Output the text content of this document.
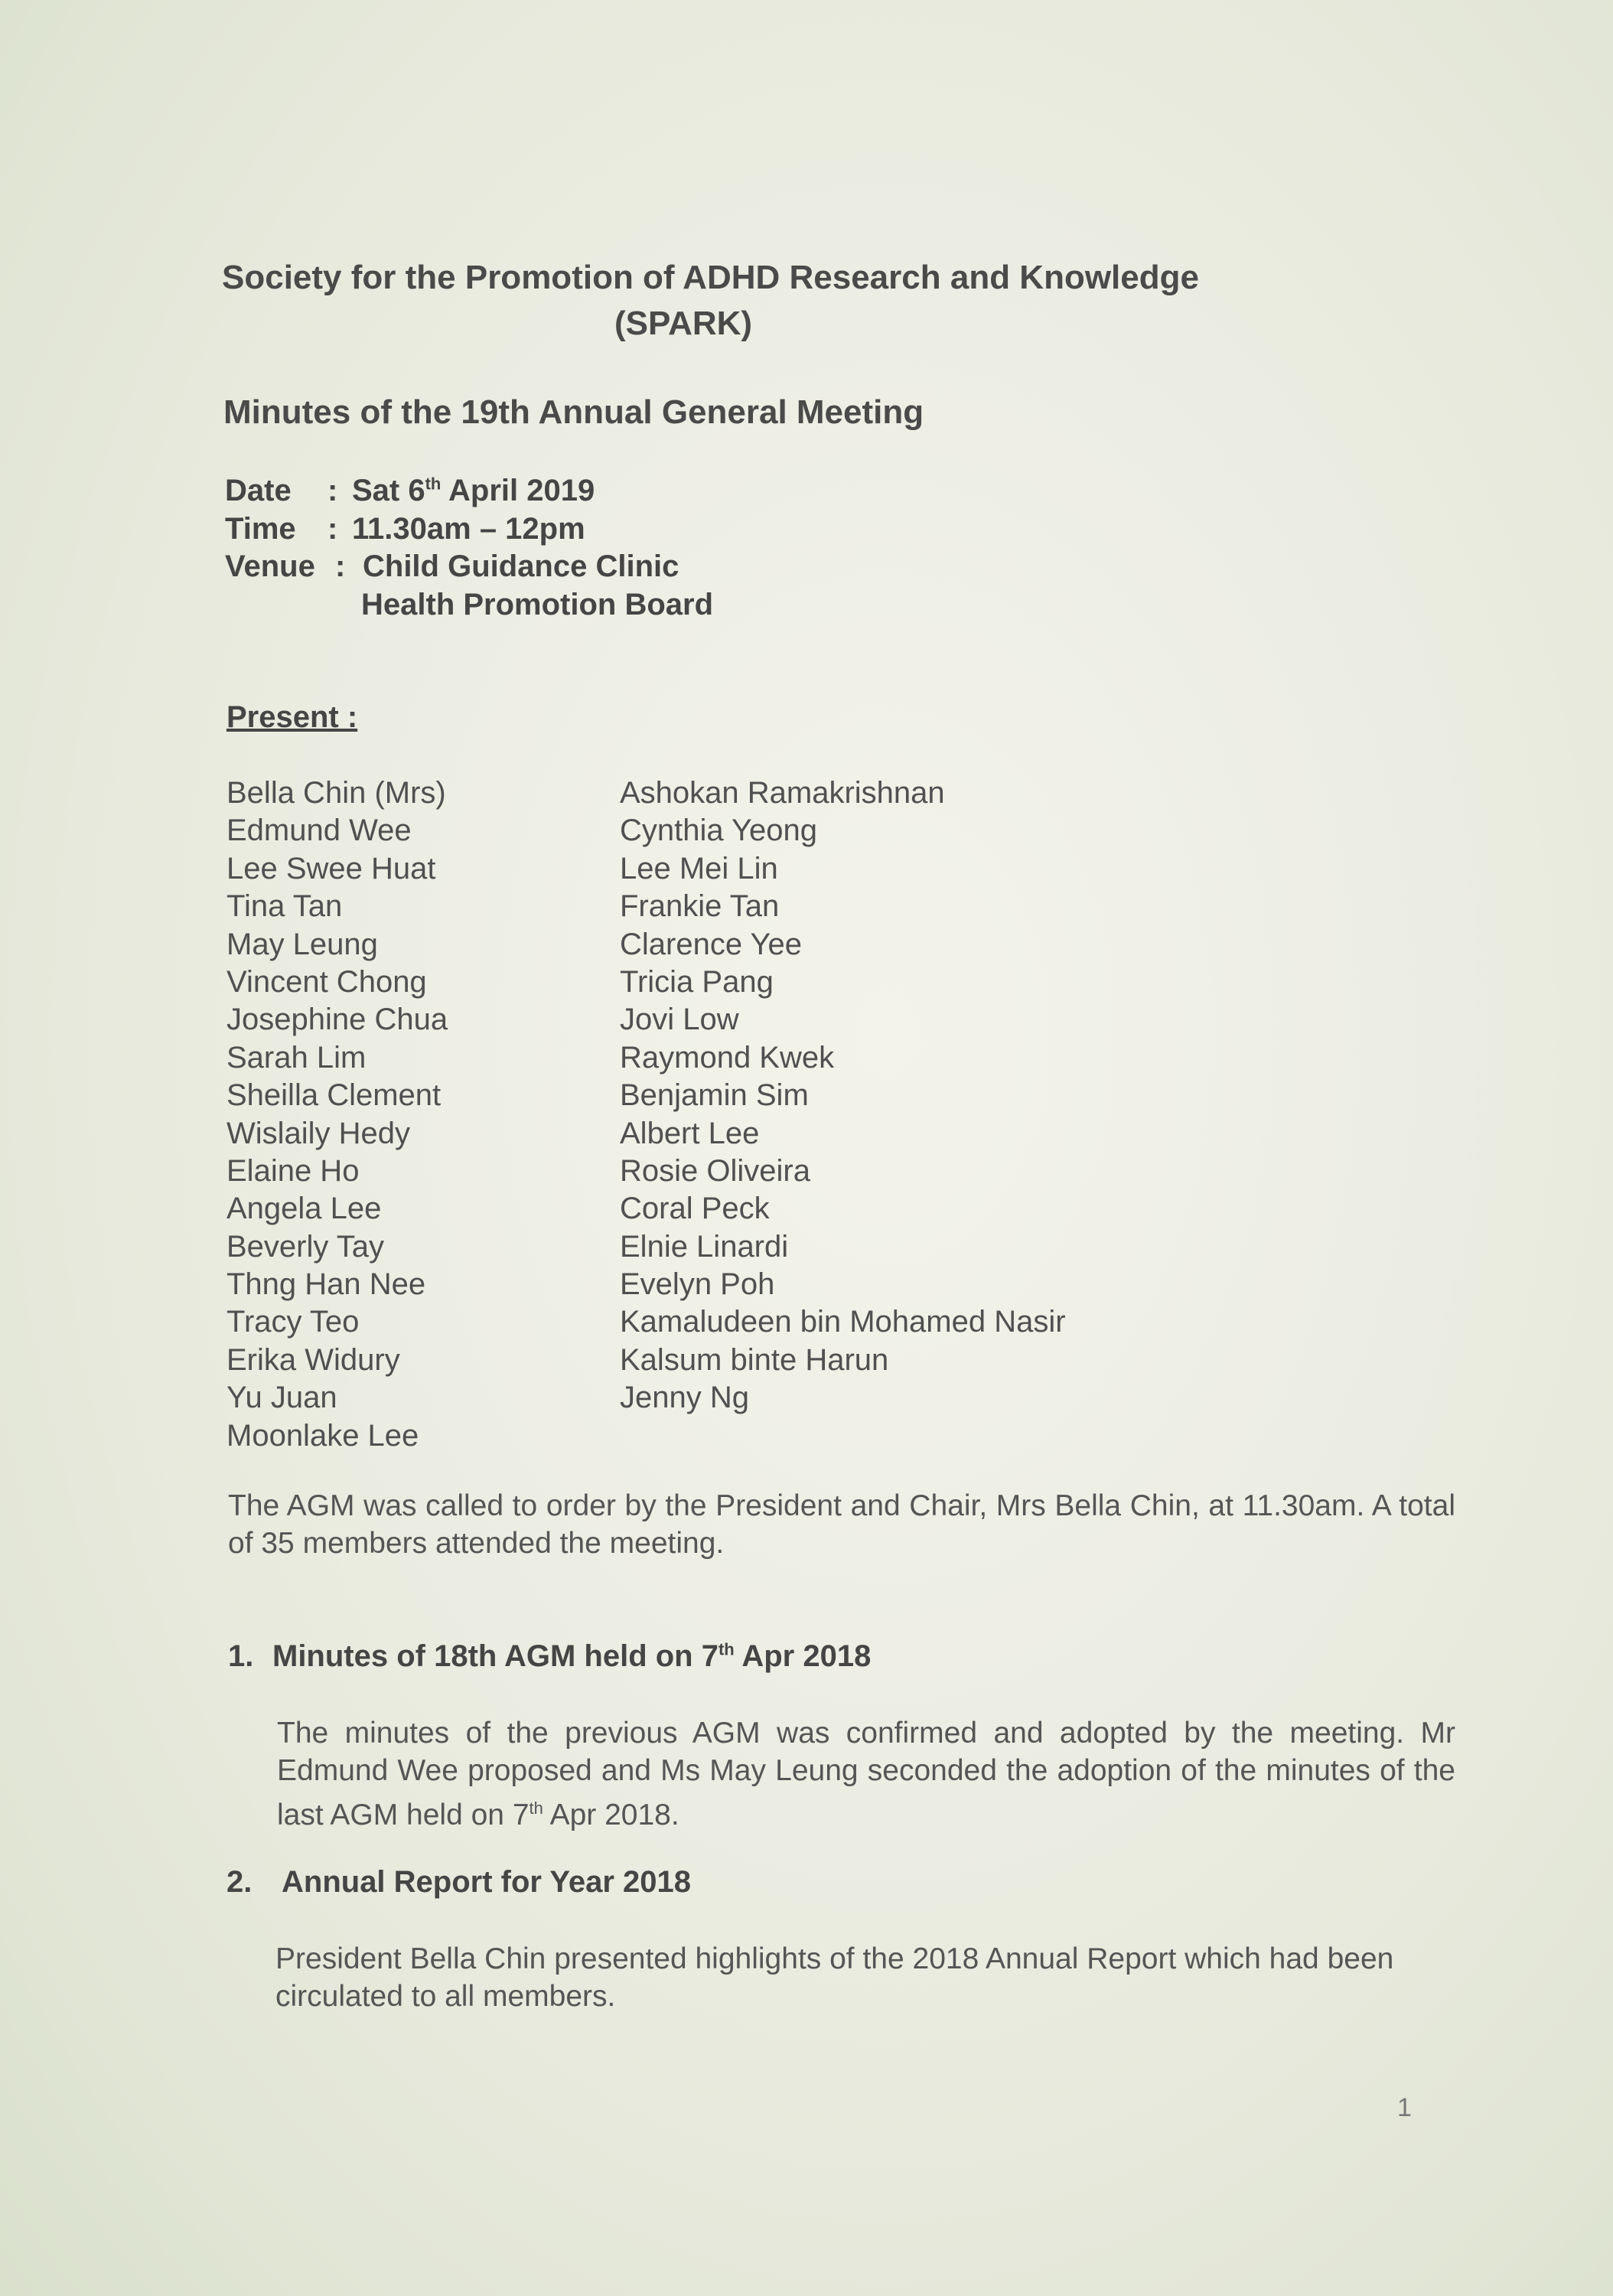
Society for the Promotion of ADHD Research and Knowledge
(SPARK)
Minutes of the 19th Annual General Meeting
Date : Sat 6th April 2019
Time : 11.30am – 12pm
Venue : Child Guidance Clinic
Health Promotion Board
Present :
Bella Chin (Mrs)
Edmund Wee
Lee Swee Huat
Tina Tan
May Leung
Vincent Chong
Josephine Chua
Sarah Lim
Sheilla Clement
Wislaily Hedy
Elaine Ho
Angela Lee
Beverly Tay
Thng Han Nee
Tracy Teo
Erika Widury
Yu Juan
Moonlake Lee
Ashokan Ramakrishnan
Cynthia Yeong
Lee Mei Lin
Frankie Tan
Clarence Yee
Tricia Pang
Jovi Low
Raymond Kwek
Benjamin Sim
Albert Lee
Rosie Oliveira
Coral Peck
Elnie Linardi
Evelyn Poh
Kamaludeen bin Mohamed Nasir
Kalsum binte Harun
Jenny Ng
The AGM was called to order by the President and Chair, Mrs Bella Chin, at 11.30am. A total of 35 members attended the meeting.
1. Minutes of 18th AGM held on 7th Apr 2018
The minutes of the previous AGM was confirmed and adopted by the meeting. Mr Edmund Wee proposed and Ms May Leung seconded the adoption of the minutes of the last AGM held on 7th Apr 2018.
2. Annual Report for Year 2018
President Bella Chin presented highlights of the 2018 Annual Report which had been circulated to all members.
1
